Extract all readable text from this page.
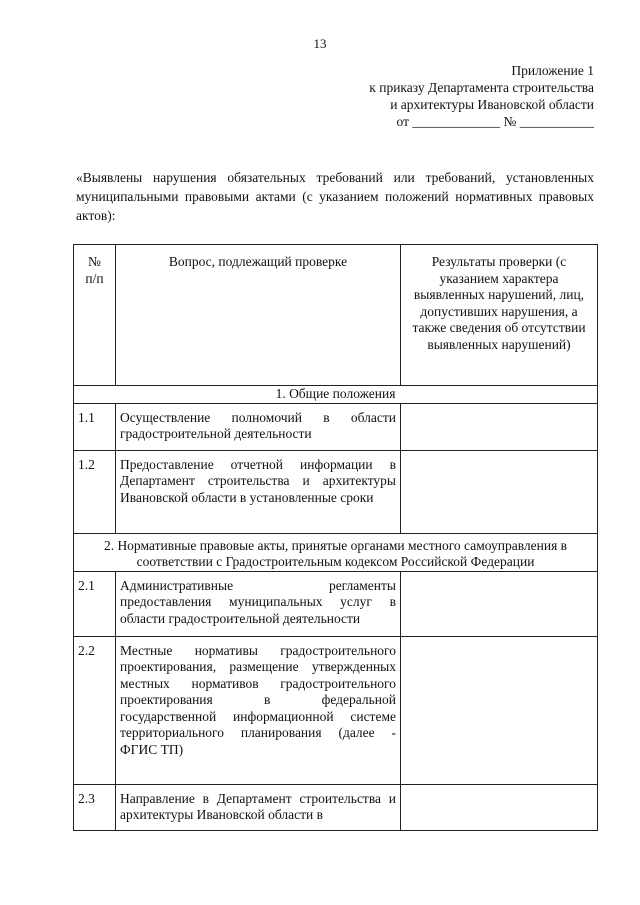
13
Приложение 1
к приказу Департамента строительства
и архитектуры Ивановской области
от _____________ № ___________
«Выявлены нарушения обязательных требований или требований, установленных муниципальными правовыми актами (с указанием положений нормативных правовых актов):
№
п/п	Вопрос, подлежащий проверке	Результаты проверки (с указанием характера выявленных нарушений, лиц, допустивших нарушения, а также сведения об отсутствии выявленных нарушений)
1. Общие положения		
1.1	Осуществление полномочий в области градостроительной деятельности	
1.2	Предоставление отчетной информации в Департамент строительства и архитектуры Ивановской области в установленные сроки	
2. Нормативные правовые акты, принятые органами местного самоуправления в соответствии с Градостроительным кодексом Российской Федерации		
2.1	Административные регламенты предоставления муниципальных услуг в области градостроительной деятельности	
2.2	Местные нормативы градостроительного проектирования, размещение утвержденных местных нормативов градостроительного проектирования в федеральной государственной информационной системе территориального планирования (далее - ФГИС ТП)	
2.3	Направление в Департамент строительства и архитектуры Ивановской области в	
